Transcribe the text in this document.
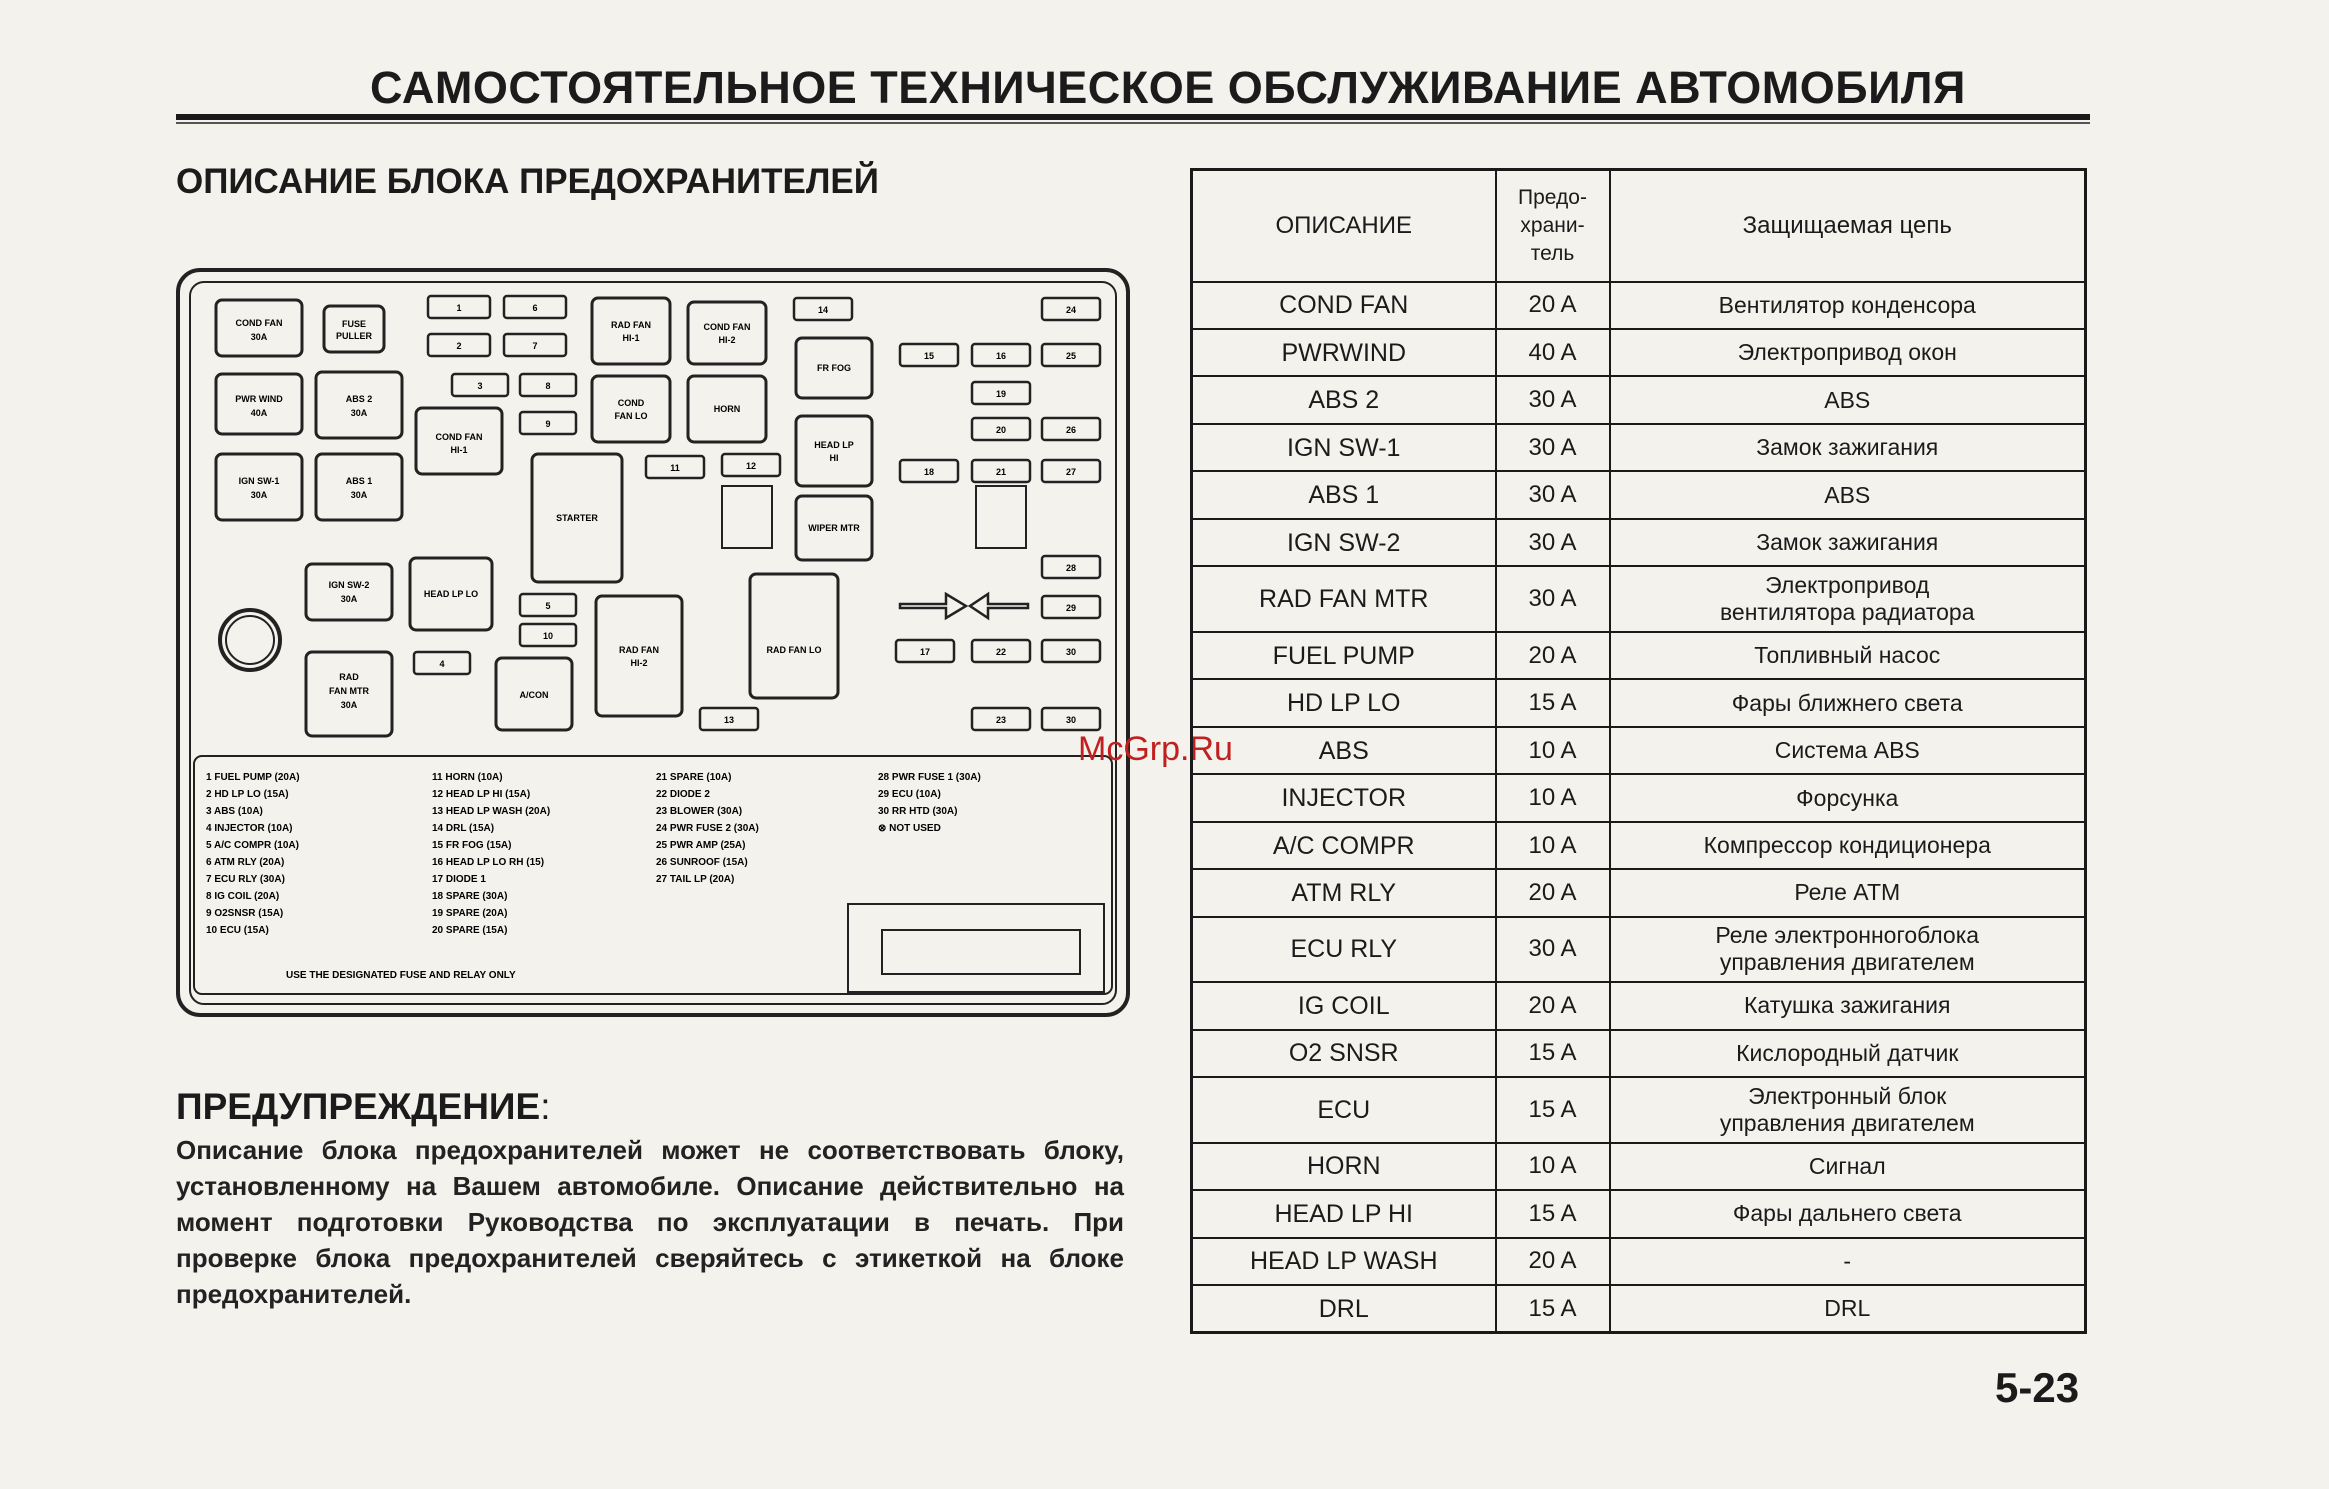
САМОСТОЯТЕЛЬНОЕ ТЕХНИЧЕСКОЕ ОБСЛУЖИВАНИЕ АВТОМОБИЛЯ
ОПИСАНИЕ БЛОКА ПРЕДОХРАНИТЕЛЕЙ
COND FAN
30A
FUSE
PULLER
PWR WIND
40A
ABS 2
30A
IGN SW-1
30A
ABS 1
30A
COND FAN
HI-1
RAD FAN
HI-1
COND FAN
HI-2
COND
FAN LO
HORN
FR FOG
HEAD LP
HI
STARTER
WIPER MTR
IGN SW-2
30A	HEAD LP LO
RAD FAN
HI-2
RAD FAN LO
RAD
FAN MTR
30A
A/CON
1	6
2	7
3	8
9
11	12
14	24
15	16	25
19
20	26
18	21	27
28
29
17	22	30
10
5
4
13	23	30
1 FUEL PUMP (20A)
2 HD LP LO (15A)
3 ABS (10A)
4 INJECTOR (10A)
5 A/C COMPR (10A)
6 ATM RLY (20A)
7 ECU RLY (30A)
8 IG COIL (20A)
9 O2SNSR (15A)
10 ECU (15A)
11 HORN (10A)
12 HEAD LP HI (15A)
13 HEAD LP WASH (20A)
14 DRL (15A)
15 FR FOG (15A)
16 HEAD LP LO RH (15)
17 DIODE 1
18 SPARE (30A)
19 SPARE (20A)
20 SPARE (15A)
21 SPARE (10A)
22 DIODE 2
23 BLOWER (30A)
24 PWR FUSE 2 (30A)
25 PWR AMP (25A)
26 SUNROOF (15A)
27 TAIL LP (20A)
28 PWR FUSE 1 (30A)
29 ECU (10A)
30 RR HTD (30A)
⊗ NOT USED
USE THE DESIGNATED FUSE AND RELAY ONLY
ПРЕДУПРЕЖДЕНИЕ:
Описание блока предохранителей может не соответствовать блоку, установленному на Вашем автомобиле. Описание действительно на момент подготовки Руководства по эксплуатации в печать. При проверке блока предохранителей сверяйтесь с этикеткой на блоке предохранителей.
McGrp.Ru
ОПИСАНИЕ	Предо-
храни-
тель	Защищаемая цепь
COND FAN	20 A	Вентилятор конденсора
PWRWIND	40 A	Электропривод окон
ABS 2	30 A	ABS
IGN SW-1	30 A	Замок зажигания
ABS 1	30 A	ABS
IGN SW-2	30 A	Замок зажигания
RAD FAN MTR	30 A	Электропривод
вентилятора радиатора
FUEL PUMP	20 A	Топливный насос
HD LP LO	15 A	Фары ближнего света
ABS	10 A	Система ABS
INJECTOR	10 A	Форсунка
A/C COMPR	10 A	Компрессор кондиционера
ATM RLY	20 A	Реле ATM
ECU RLY	30 A	Реле электронногоблока
управления двигателем
IG COIL	20 A	Катушка зажигания
O2 SNSR	15 A	Кислородный датчик
ECU	15 A	Электронный блок
управления двигателем
HORN	10 A	Сигнал
HEAD LP HI	15 A	Фары дальнего света
HEAD LP WASH	20 A	-
DRL	15 A	DRL
5-23
